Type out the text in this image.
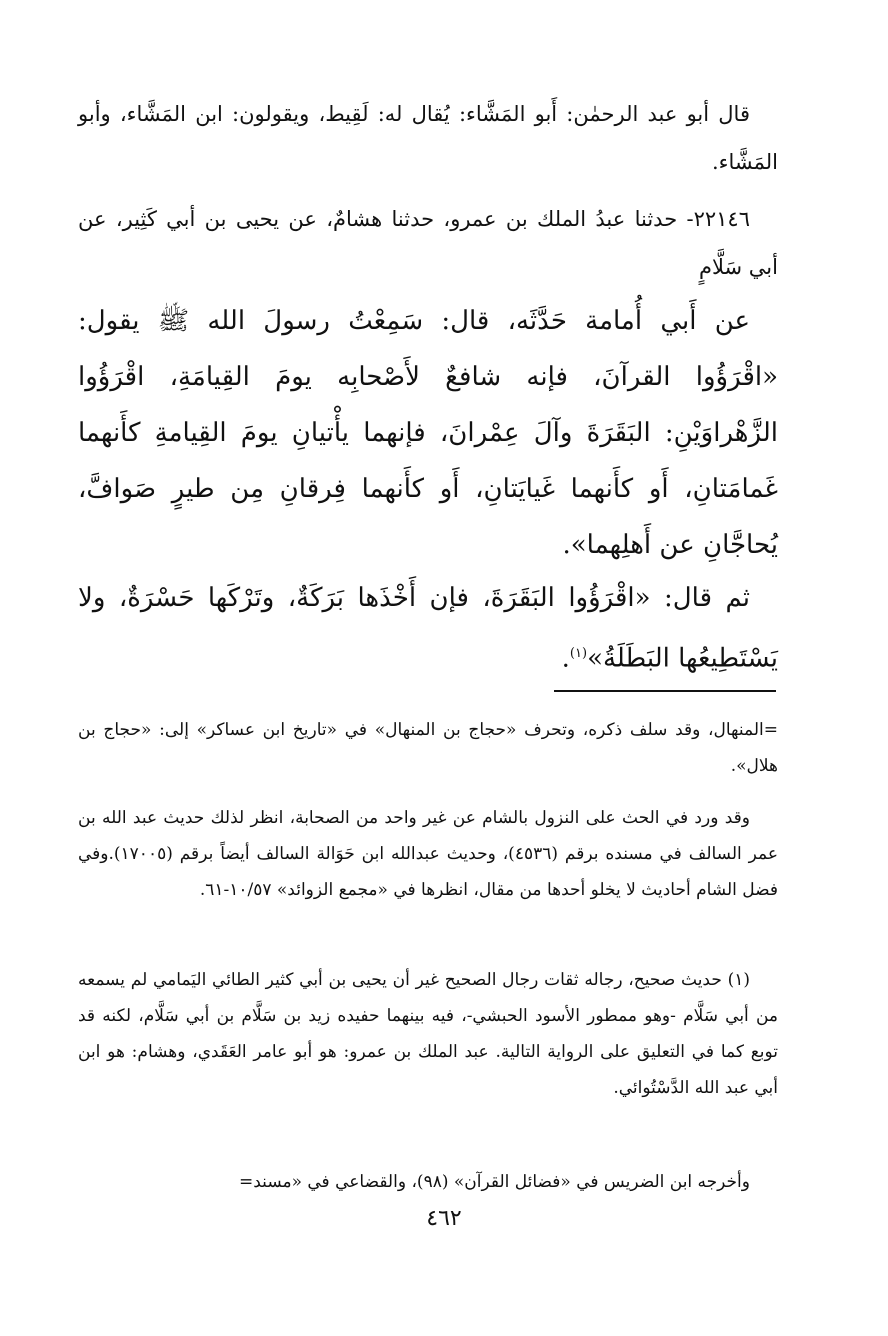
قال أبو عبد الرحمٰن: أَبو المَشَّاء: يُقال له: لَقِيط، ويقولون: ابن المَشَّاء، وأبو المَشَّاء.

٢٢١٤٦- حدثنا عبدُ الملك بن عمرو، حدثنا هشامٌ، عن يحيى بن أبي كَثِير، عن أبي سَلَّامٍ

عن أَبي أُمامة حَدَّثَه، قال: سَمِعْتُ رسولَ الله ﷺ يقول: «اقْرَؤُوا القرآنَ، فإنه شافعٌ لأَصْحابِه يومَ القِيامَةِ، اقْرَؤُوا الزَّهْراوَيْنِ: البَقَرَةَ وآلَ عِمْرانَ، فإنهما يأْتيانِ يومَ القِيامةِ كأَنهما غَمامَتانِ، أَو كأَنهما غَيايَتانِ، أَو كأَنهما فِرقانِ مِن طيرٍ صَوافَّ، يُحاجَّانِ عن أَهلِهما».

ثم قال: «اقْرَؤُوا البَقَرَةَ، فإن أَخْذَها بَرَكَةٌ، وتَرْكَها حَسْرَةٌ، ولا يَسْتَطِيعُها البَطَلَةُ»$^{(١)}$.

=المنهال، وقد سلف ذكره، وتحرف «حجاج بن المنهال» في «تاريخ ابن عساكر» إلى: «حجاج بن هلال».

وقد ورد في الحث على النزول بالشام عن غير واحد من الصحابة، انظر لذلك حديث عبد الله بن عمر السالف في مسنده برقم (٤٥٣٦)، وحديث عبدالله ابن حَوَالة السالف أيضاً برقم (١٧٠٠٥).وفي فضل الشام أحاديث لا يخلو أحدها من مقال، انظرها في «مجمع الزوائد» ١٠/٥٧-٦١.

(١) حديث صحيح، رجاله ثقات رجال الصحيح غير أن يحيى بن أبي كثير الطائي اليَمامي لم يسمعه من أبي سَلَّام -وهو ممطور الأسود الحبشي-، فيه بينهما حفيده زيد بن سَلَّام بن أبي سَلَّام، لكنه قد توبع كما في التعليق على الرواية التالية. عبد الملك بن عمرو: هو أبو عامر العَقَدي، وهشام: هو ابن أبي عبد الله الدَّسْتُوائي.

وأخرجه ابن الضريس في «فضائل القرآن» (٩٨)، والقضاعي في «مسند=

٤٦٢
